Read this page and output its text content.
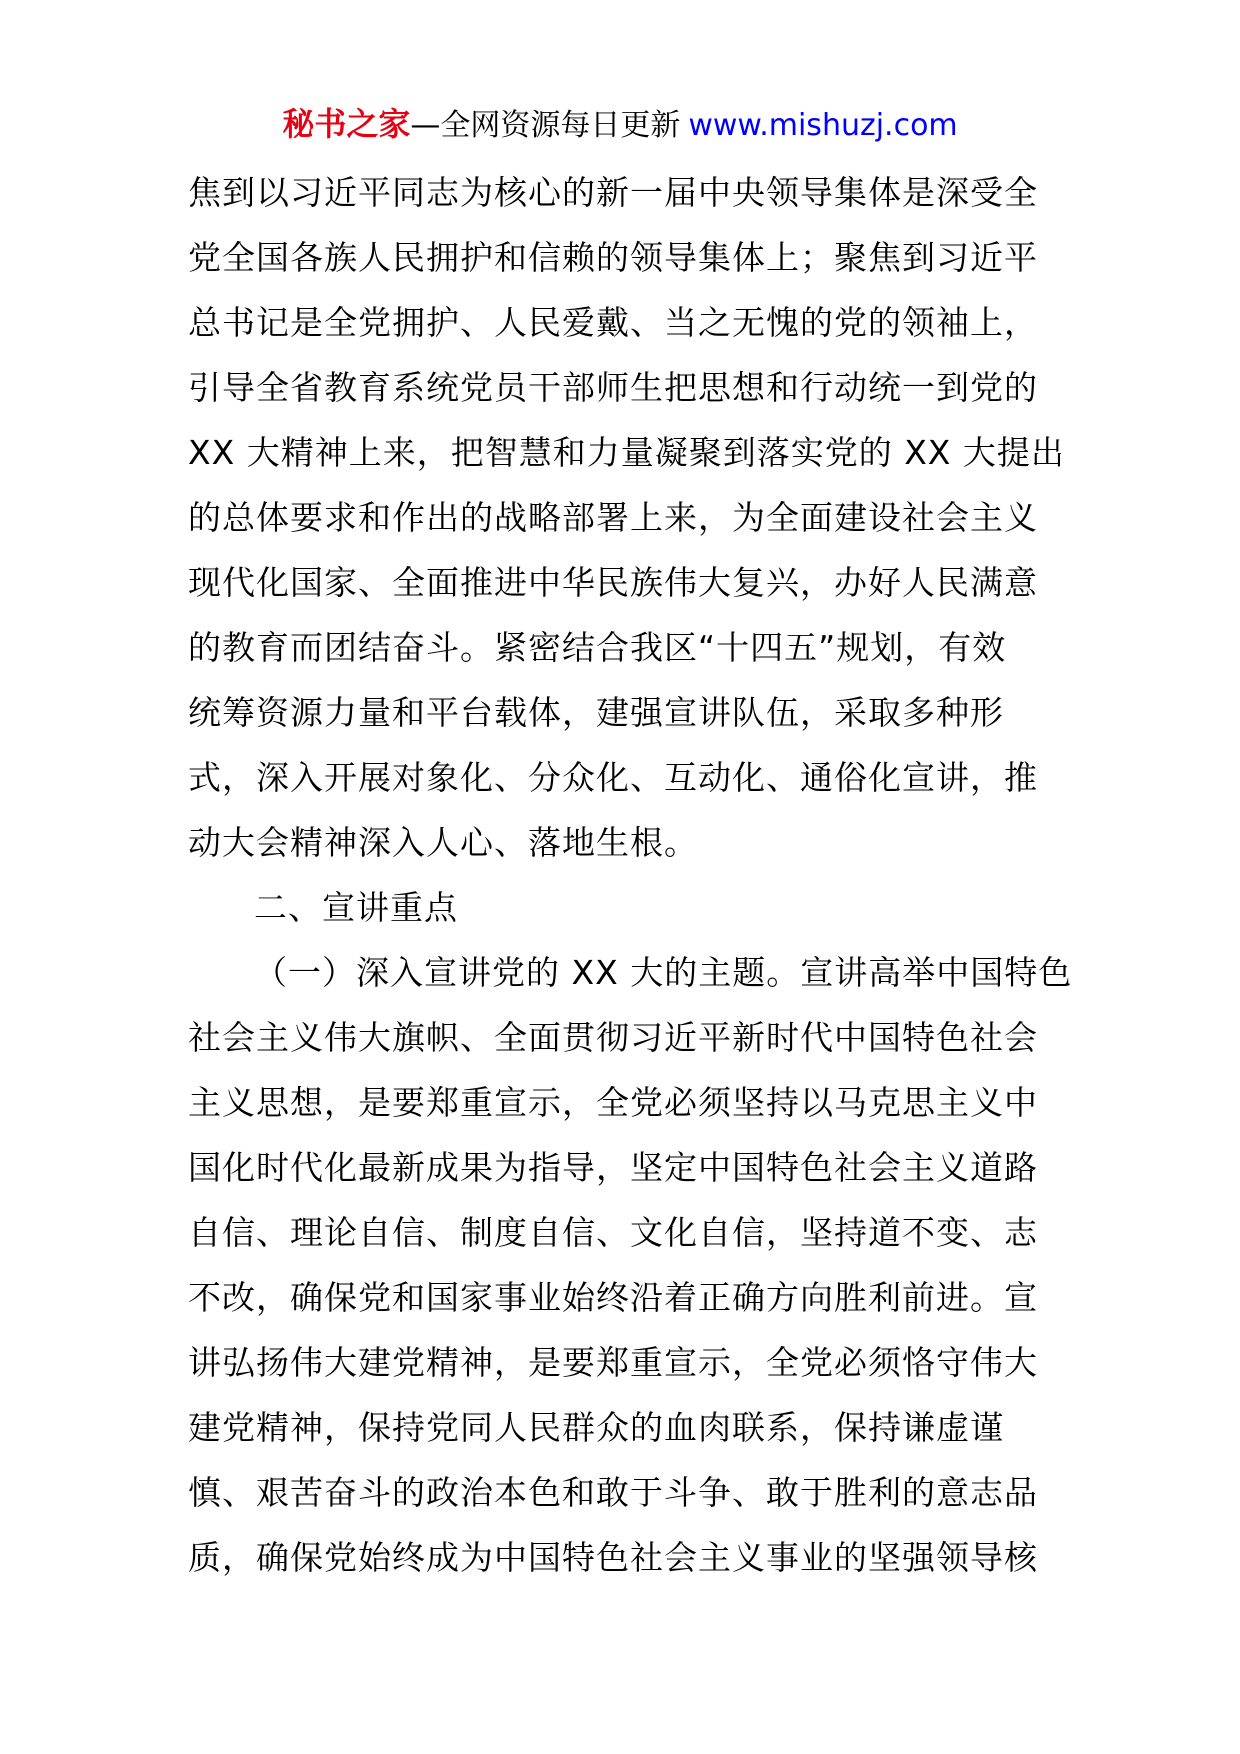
秘书之家—全网资源每日更新 www.mishuzj.com
焦到以习近平同志为核心的新一届中央领导集体是深受全
党全国各族人民拥护和信赖的领导集体上；聚焦到习近平
总书记是全党拥护、人民爱戴、当之无愧的党的领袖上，
引导全省教育系统党员干部师生把思想和行动统一到党的
XX 大精神上来，把智慧和力量凝聚到落实党的 XX 大提出
的总体要求和作出的战略部署上来，为全面建设社会主义
现代化国家、全面推进中华民族伟大复兴，办好人民满意
的教育而团结奋斗。紧密结合我区“十四五”规划，有效
统筹资源力量和平台载体，建强宣讲队伍，采取多种形
式，深入开展对象化、分众化、互动化、通俗化宣讲，推
动大会精神深入人心、落地生根。
二、宣讲重点
（一）深入宣讲党的 XX 大的主题。宣讲高举中国特色
社会主义伟大旗帜、全面贯彻习近平新时代中国特色社会
主义思想，是要郑重宣示，全党必须坚持以马克思主义中
国化时代化最新成果为指导，坚定中国特色社会主义道路
自信、理论自信、制度自信、文化自信，坚持道不变、志
不改，确保党和国家事业始终沿着正确方向胜利前进。宣
讲弘扬伟大建党精神，是要郑重宣示，全党必须恪守伟大
建党精神，保持党同人民群众的血肉联系，保持谦虚谨
慎、艰苦奋斗的政治本色和敢于斗争、敢于胜利的意志品
质，确保党始终成为中国特色社会主义事业的坚强领导核
